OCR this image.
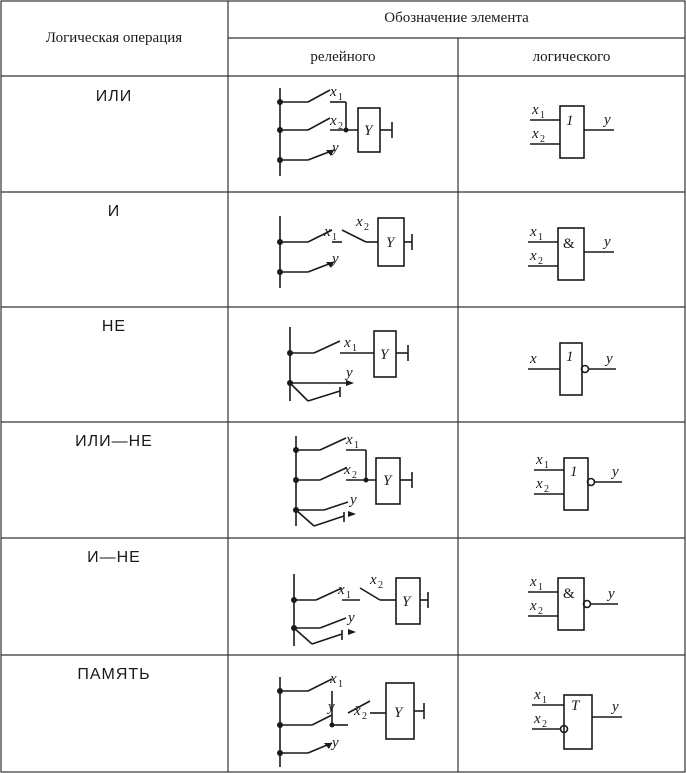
Логическая операция
Обозначение элемента
релейного	логического
ИЛИ
И
НЕ
ИЛИ—НЕ
И—НЕ
ПАМЯТЬ
x 1
x 2 Y
y
x 1
x 2
Y
y
x 1 Y
y
x 1
x 2 Y
y
x 1
x 2
Y
y
x 1
y x̄ 2 Y
y
1
x 1
x 2
y
&
x 1
x 2
y
1
x	y
1
x 1
x 2
y
&
x 1
x 2
y
T
x 1
x 2
y
